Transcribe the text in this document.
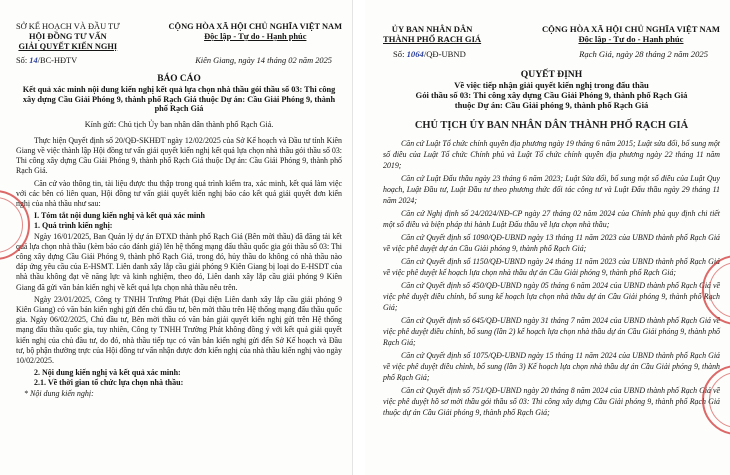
SỞ KẾ HOẠCH VÀ ĐẦU TƯ
HỘI ĐỒNG TƯ VẤN
GIẢI QUYẾT KIẾN NGHỊ
CỘNG HÒA XÃ HỘI CHỦ NGHĨA VIỆT NAM
Độc lập - Tự do - Hạnh phúc
Số: 14/BC-HĐTV	Kiên Giang, ngày 14 tháng 02 năm 2025
BÁO CÁO
Kết quả xác minh nội dung kiến nghị kết quả lựa chọn nhà thầu gói thầu số 03: Thi công xây dựng Cầu Giải Phóng 9, thành phố Rạch Giá thuộc Dự án: Cầu Giải Phóng 9, thành phố Rạch Giá
Kính gửi: Chủ tịch Ủy ban nhân dân thành phố Rạch Giá.

Thực hiện Quyết định số 20/QĐ-SKHĐT ngày 12/02/2025 của Sở Kế hoạch và Đầu tư tỉnh Kiên Giang về việc thành lập Hội đồng tư vấn giải quyết kiến nghị kết quả lựa chọn nhà thầu gói thầu số 03: Thi công xây dựng Cầu Giải Phóng 9, thành phố Rạch Giá thuộc Dự án: Cầu Giải Phóng 9, thành phố Rạch Giá.

Căn cứ vào thông tin, tài liệu được thu thập trong quá trình kiểm tra, xác minh, kết quả làm việc với các bên có liên quan, Hội đồng tư vấn giải quyết kiến nghị báo cáo kết quả giải quyết đơn kiến nghị của nhà thầu như sau:

I. Tóm tắt nội dung kiến nghị và kết quả xác minh

1. Quá trình kiến nghị:

Ngày 16/01/2025, Ban Quản lý dự án ĐTXD thành phố Rạch Giá (Bên mời thầu) đã đăng tải kết quả lựa chọn nhà thầu (kèm báo cáo đánh giá) lên hệ thống mạng đấu thầu quốc gia gói thầu số 03: Thi công xây dựng Cầu Giải Phóng 9, thành phố Rạch Giá, trong đó, hủy thầu do không có nhà thầu nào đáp ứng yêu cầu của E-HSMT. Liên danh xây lắp cầu giải phóng 9 Kiên Giang bị loại do E-HSDT của nhà thầu không đạt về năng lực và kinh nghiệm, theo đó, Liên danh xây lắp cầu giải phóng 9 Kiên Giang đã gửi văn bản kiến nghị về kết quả lựa chọn nhà thầu nêu trên.

Ngày 23/01/2025, Công ty TNHH Trường Phát (Đại diện Liên danh xây lắp cầu giải phóng 9 Kiên Giang) có văn bản kiến nghị gửi đến chủ đầu tư, bên mời thầu trên Hệ thống mạng đấu thầu quốc gia. Ngày 06/02/2025, Chủ đầu tư, Bên mời thầu có văn bản giải quyết kiến nghị gửi trên Hệ thống mạng đấu thầu quốc gia, tuy nhiên, Công ty TNHH Trường Phát không đồng ý với kết quả giải quyết kiến nghị của chủ đầu tư, do đó, nhà thầu tiếp tục có văn bản kiến nghị gửi đến Sở Kế hoạch và Đầu tư, bộ phận thường trực của Hội đồng tư vấn nhận được đơn kiến nghị của nhà thầu kiến nghị vào ngày 10/02/2025.

2. Nội dung kiến nghị và kết quả xác minh:

2.1. Về thời gian tổ chức lựa chọn nhà thầu:

* Nội dung kiến nghị:
ỦY BAN NHÂN DÂN
THÀNH PHỐ RẠCH GIÁ
CỘNG HÒA XÃ HỘI CHỦ NGHĨA VIỆT NAM
Độc lập - Tự do - Hạnh phúc
Số: 1064/QĐ-UBND	Rạch Giá, ngày 28 tháng 2 năm 2025
QUYẾT ĐỊNH
Về việc tiếp nhận giải quyết kiến nghị trong đấu thầu
Gói thầu số 03: Thi công xây dựng Cầu Giải Phóng 9, thành phố Rạch Giá
thuộc Dự án: Cầu Giải phóng 9, thành phố Rạch Giá
CHỦ TỊCH ỦY BAN NHÂN DÂN THÀNH PHỐ RẠCH GIÁ

Căn cứ Luật Tổ chức chính quyền địa phương ngày 19 tháng 6 năm 2015; Luật sửa đổi, bổ sung một số điều của Luật Tổ chức Chính phủ và Luật Tổ chức chính quyền địa phương ngày 22 tháng 11 năm 2019;

Căn cứ Luật Đấu thầu ngày 23 tháng 6 năm 2023; Luật Sửa đổi, bổ sung một số điều của Luật Quy hoạch, Luật Đầu tư, Luật Đầu tư theo phương thức đối tác công tư và Luật Đấu thầu ngày 29 tháng 11 năm 2024;

Căn cứ Nghị định số 24/2024/NĐ-CP ngày 27 tháng 02 năm 2024 của Chính phủ quy định chi tiết một số điều và biện pháp thi hành Luật Đấu thầu về lựa chọn nhà thầu;

Căn cứ Quyết định số 1090/QĐ-UBND ngày 13 tháng 11 năm 2023 của UBND thành phố Rạch Giá về việc phê duyệt dự án Cầu Giải phóng 9, thành phố Rạch Giá;

Căn cứ Quyết định số 1150/QĐ-UBND ngày 24 tháng 11 năm 2023 của UBND thành phố Rạch Giá về việc phê duyệt kế hoạch lựa chọn nhà thầu dự án Cầu Giải phóng 9, thành phố Rạch Giá;

Căn cứ Quyết định số 450/QĐ-UBND ngày 05 tháng 6 năm 2024 của UBND thành phố Rạch Giá về việc phê duyệt điều chỉnh, bổ sung kế hoạch lựa chọn nhà thầu dự án Cầu Giải phóng 9, thành phố Rạch Giá;

Căn cứ Quyết định số 645/QĐ-UBND ngày 31 tháng 7 năm 2024 của UBND thành phố Rạch Giá về việc phê duyệt điều chỉnh, bổ sung (lần 2) kế hoạch lựa chọn nhà thầu dự án Cầu Giải phóng 9, thành phố Rạch Giá;

Căn cứ Quyết định số 1075/QĐ-UBND ngày 15 tháng 11 năm 2024 của UBND thành phố Rạch Giá về việc phê duyệt điều chỉnh, bổ sung (lần 3) Kế hoạch lựa chọn nhà thầu dự án Cầu Giải phóng 9, thành phố Rạch Giá;

Căn cứ Quyết định số 751/QĐ-UBND ngày 20 tháng 8 năm 2024 của UBND thành phố Rạch Giá về việc phê duyệt hồ sơ mời thầu gói thầu số 03: Thi công xây dựng Cầu Giải phóng 9, thành phố Rạch Giá thuộc dự án Cầu Giải phóng 9, thành phố Rạch Giá;
